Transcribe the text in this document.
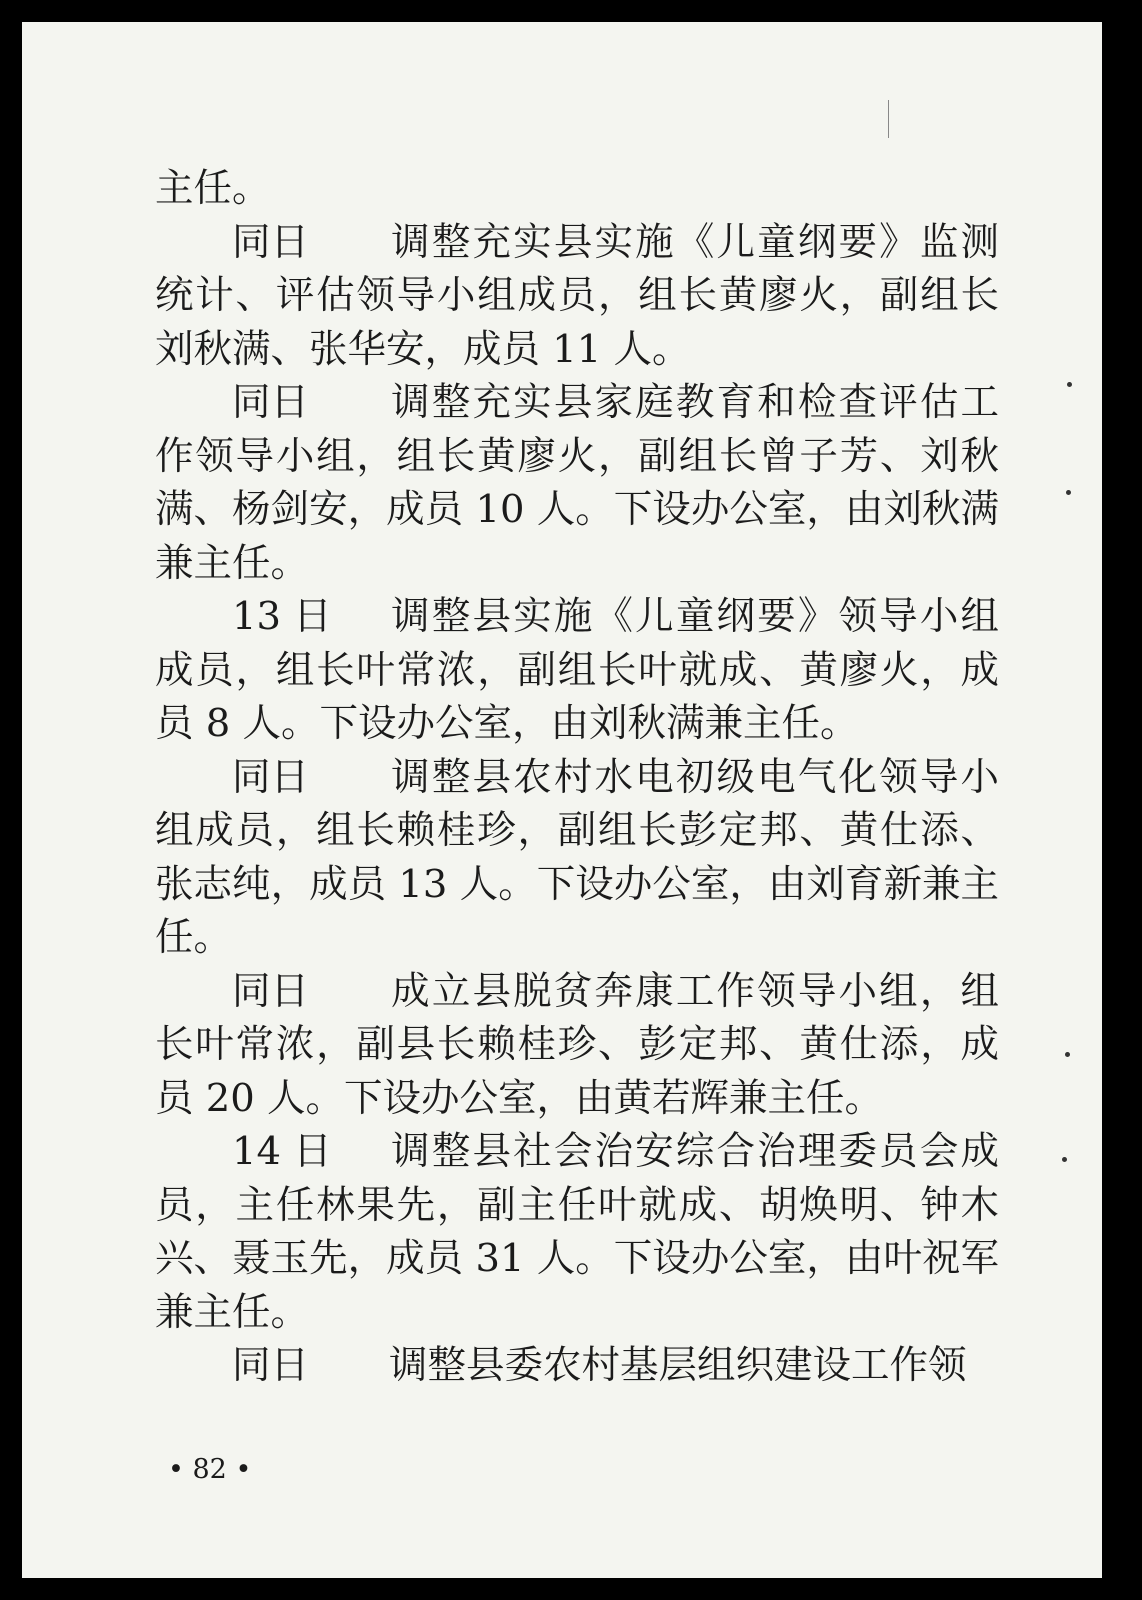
主任。

同日 调整充实县实施《儿童纲要》监测统计、评估领导小组成员，组长黄廖火，副组长刘秋满、张华安，成员 11 人。

同日 调整充实县家庭教育和检查评估工作领导小组，组长黄廖火，副组长曾子芳、刘秋满、杨剑安，成员 10 人。下设办公室，由刘秋满兼主任。

13 日 调整县实施《儿童纲要》领导小组成员，组长叶常浓，副组长叶就成、黄廖火，成员 8 人。下设办公室，由刘秋满兼主任。

同日 调整县农村水电初级电气化领导小组成员，组长赖桂珍，副组长彭定邦、黄仕添、张志纯，成员 13 人。下设办公室，由刘育新兼主任。

同日 成立县脱贫奔康工作领导小组，组长叶常浓，副县长赖桂珍、彭定邦、黄仕添，成员 20 人。下设办公室，由黄若辉兼主任。

14 日 调整县社会治安综合治理委员会成员，主任林果先，副主任叶就成、胡焕明、钟木兴、聂玉先，成员 31 人。下设办公室，由叶祝军兼主任。

同日 调整县委农村基层组织建设工作领

• 82 •
